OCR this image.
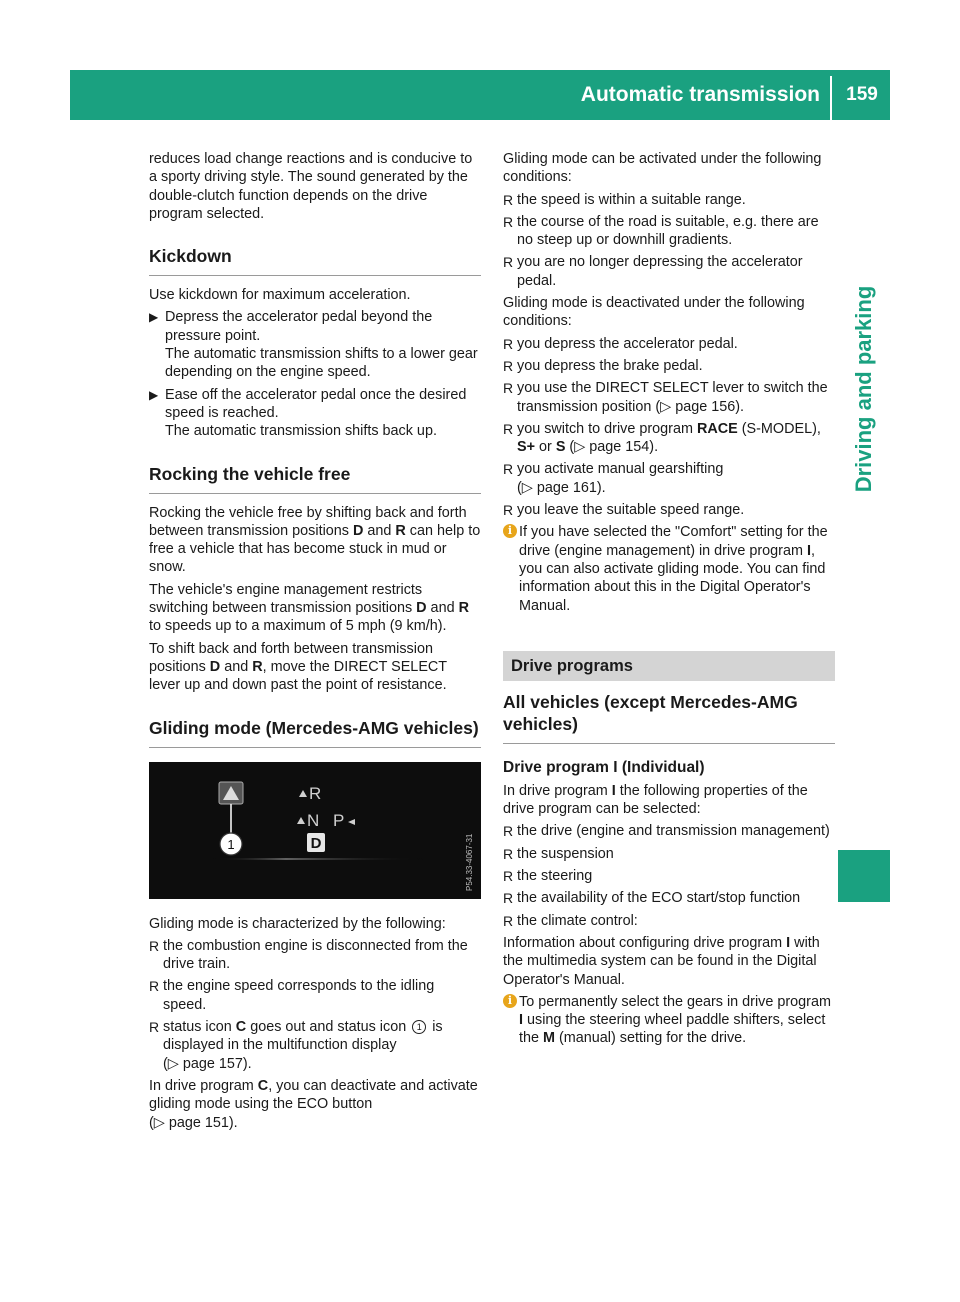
Automatic transmission	159
Driving and parking

reduces load change reactions and is conducive to a sporty driving style. The sound generated by the double-clutch function depends on the drive program selected.

Kickdown

Use kickdown for maximum acceleration.

▶ Depress the accelerator pedal beyond the pressure point.
The automatic transmission shifts to a lower gear depending on the engine speed.
▶ Ease off the accelerator pedal once the desired speed is reached.
The automatic transmission shifts back up.
Rocking the vehicle free

Rocking the vehicle free by shifting back and forth between transmission positions D and R can help to free a vehicle that has become stuck in mud or snow.

The vehicle's engine management restricts switching between transmission positions D and R to speeds up to a maximum of 5 mph (9 km/h).

To shift back and forth between transmission positions D and R, move the DIRECT SELECT lever up and down past the point of resistance.

Gliding mode (Mercedes-AMG vehicles)
1
R
N P
D	P54.33-4067-31

Gliding mode is characterized by the following:

R the combustion engine is disconnected from the drive train.
R the engine speed corresponds to the idling speed.
R status icon C goes out and status icon 1 is displayed in the multifunction display
(▷ page 157).

In drive program C, you can deactivate and activate gliding mode using the ECO button
(▷ page 151).

Gliding mode can be activated under the following conditions:

R the speed is within a suitable range.
R the course of the road is suitable, e.g. there are no steep up or downhill gradients.
R you are no longer depressing the accelerator pedal.

Gliding mode is deactivated under the following conditions:

R you depress the accelerator pedal.
R you depress the brake pedal.
R you use the DIRECT SELECT lever to switch the transmission position (▷ page 156).
R you switch to drive program RACE (S-MODEL), S+ or S (▷ page 154).
R you activate manual gearshifting
(▷ page 161).
R you leave the suitable speed range.
i If you have selected the "Comfort" setting for the drive (engine management) in drive program I, you can also activate gliding mode. You can find information about this in the Digital Operator's Manual.
Drive programs
All vehicles (except Mercedes-AMG vehicles)
Drive program I (Individual)

In drive program I the following properties of the drive program can be selected:

R the drive (engine and transmission management)
R the suspension
R the steering
R the availability of the ECO start/stop function
R the climate control:

Information about configuring drive program I with the multimedia system can be found in the Digital Operator's Manual.

i To permanently select the gears in drive program I using the steering wheel paddle shifters, select the M (manual) setting for the drive.
